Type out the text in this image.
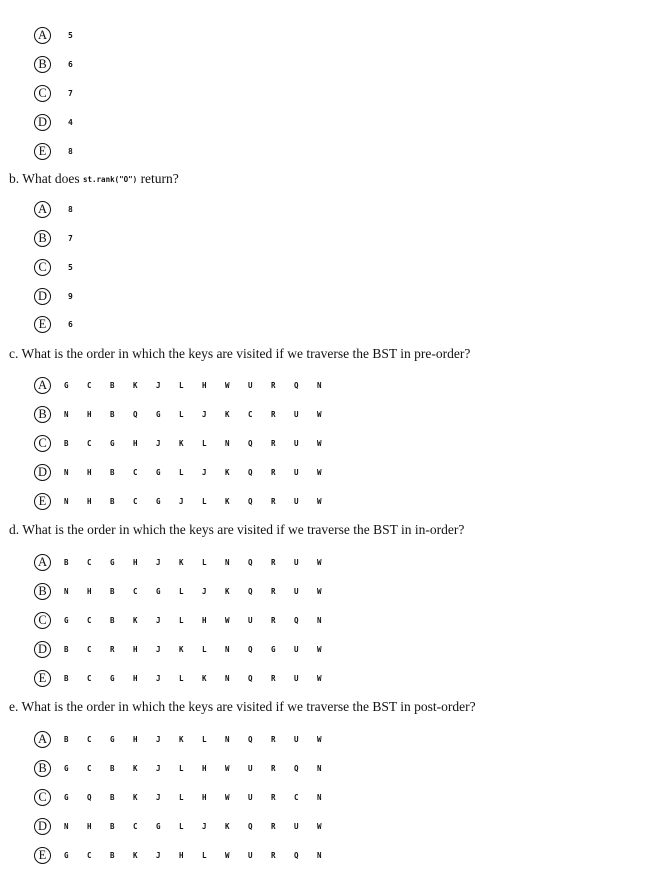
A	5
B	6
C	7
D	4
E	8
b. What does st.rank("O") return?
A	8
B	7
C	5
D	9
E	6
c. What is the order in which the keys are visited if we traverse the BST in pre-order?
A	G	C	B	K	J	L	H	W	U	R	Q	N
B	N	H	B	Q	G	L	J	K	C	R	U	W
C	B	C	G	H	J	K	L	N	Q	R	U	W
D	N	H	B	C	G	L	J	K	Q	R	U	W
E	N	H	B	C	G	J	L	K	Q	R	U	W
d. What is the order in which the keys are visited if we traverse the BST in in-order?
A	B	C	G	H	J	K	L	N	Q	R	U	W
B	N	H	B	C	G	L	J	K	Q	R	U	W
C	G	C	B	K	J	L	H	W	U	R	Q	N
D	B	C	R	H	J	K	L	N	Q	G	U	W
E	B	C	G	H	J	L	K	N	Q	R	U	W
e. What is the order in which the keys are visited if we traverse the BST in post-order?
A	B	C	G	H	J	K	L	N	Q	R	U	W
B	G	C	B	K	J	L	H	W	U	R	Q	N
C	G	Q	B	K	J	L	H	W	U	R	C	N
D	N	H	B	C	G	L	J	K	Q	R	U	W
E	G	C	B	K	J	H	L	W	U	R	Q	N
